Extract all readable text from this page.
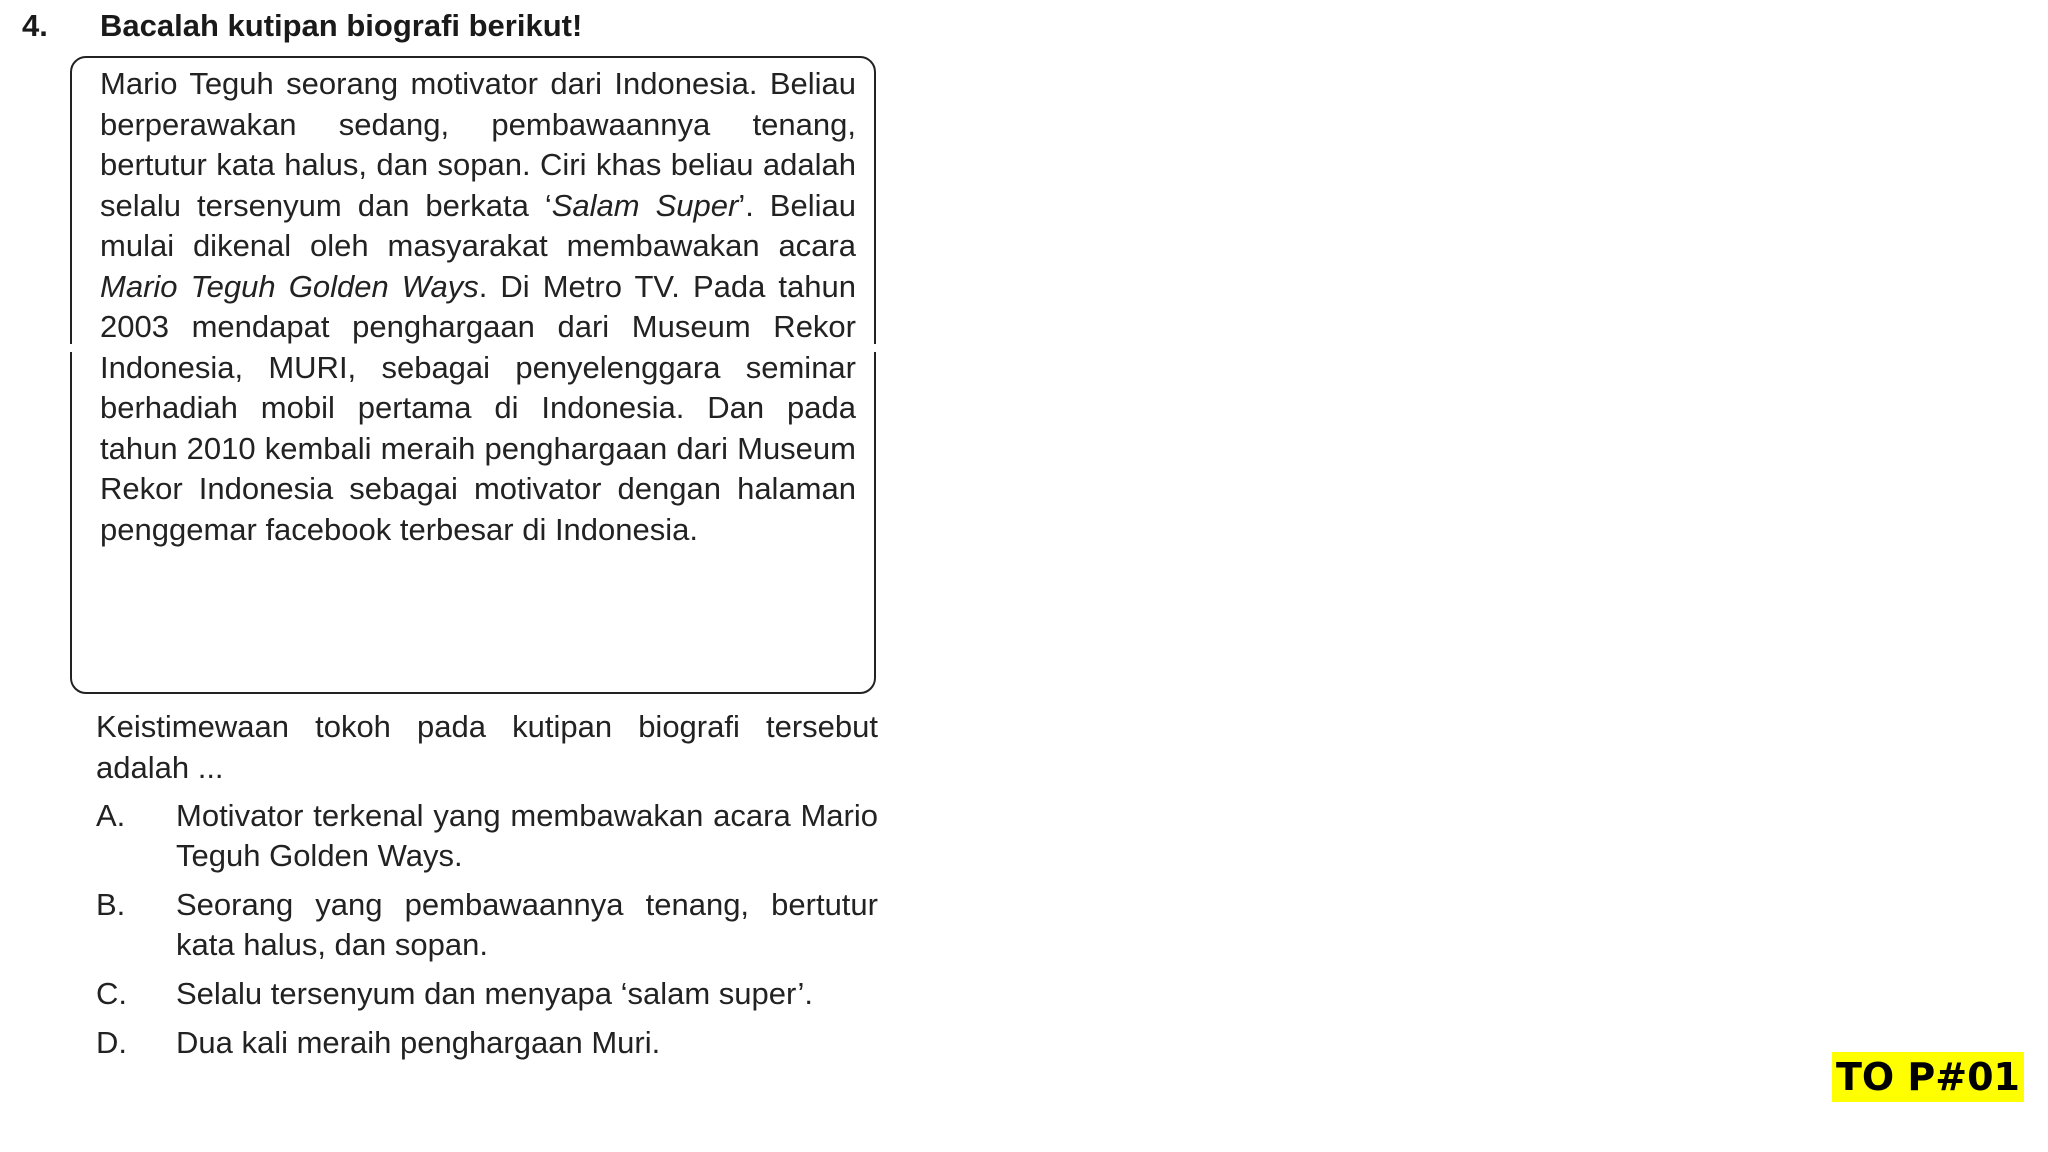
4. Bacalah kutipan biografi berikut!
Mario Teguh seorang motivator dari Indonesia. Beliau berperawakan sedang, pembawaannya tenang, bertutur kata halus, dan sopan. Ciri khas beliau adalah selalu tersenyum dan berkata ‘Salam Super’. Beliau mulai dikenal oleh masyarakat membawakan acara Mario Teguh Golden Ways. Di Metro TV. Pada tahun 2003 mendapat penghargaan dari Museum Rekor Indonesia, MURI, sebagai penyelenggara seminar berhadiah mobil pertama di Indonesia. Dan pada tahun 2010 kembali meraih penghargaan dari Museum Rekor Indonesia sebagai motivator dengan halaman penggemar facebook terbesar di Indonesia.
Keistimewaan tokoh pada kutipan biografi tersebut adalah ...
A.	Motivator terkenal yang membawakan acara Mario Teguh Golden Ways.
B.	Seorang yang pembawaannya tenang, bertutur kata halus, dan sopan.
C.	Selalu tersenyum dan menyapa ‘salam super’.
D.	Dua kali meraih penghargaan Muri.
TO P#01
